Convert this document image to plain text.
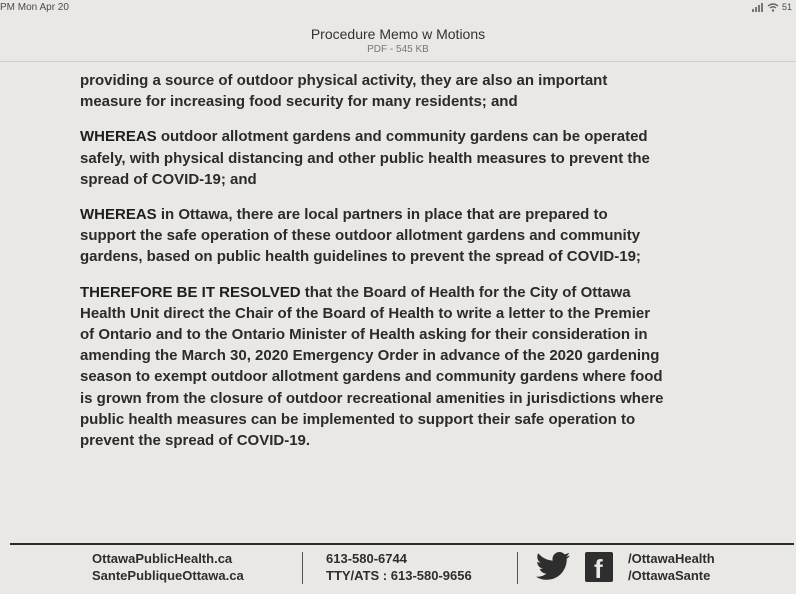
PM Mon Apr 20	51
Procedure Memo w Motions
PDF - 545 KB
providing a source of outdoor physical activity, they are also an important
measure for increasing food security for many residents; and
WHEREAS outdoor allotment gardens and community gardens can be operated
safely, with physical distancing and other public health measures to prevent the
spread of COVID-19; and
WHEREAS in Ottawa, there are local partners in place that are prepared to
support the safe operation of these outdoor allotment gardens and community
gardens, based on public health guidelines to prevent the spread of COVID-19;
THEREFORE BE IT RESOLVED that the Board of Health for the City of Ottawa
Health Unit direct the Chair of the Board of Health to write a letter to the Premier
of Ontario and to the Ontario Minister of Health asking for their consideration in
amending the March 30, 2020 Emergency Order in advance of the 2020 gardening
season to exempt outdoor allotment gardens and community gardens where food
is grown from the closure of outdoor recreational amenities in jurisdictions where
public health measures can be implemented to support their safe operation to
prevent the spread of COVID-19.
OttawaPublicHealth.ca
SantePubliqueOttawa.ca
613-580-6744
TTY/ATS : 613-580-9656	f /OttawaHealth
/OttawaSante
